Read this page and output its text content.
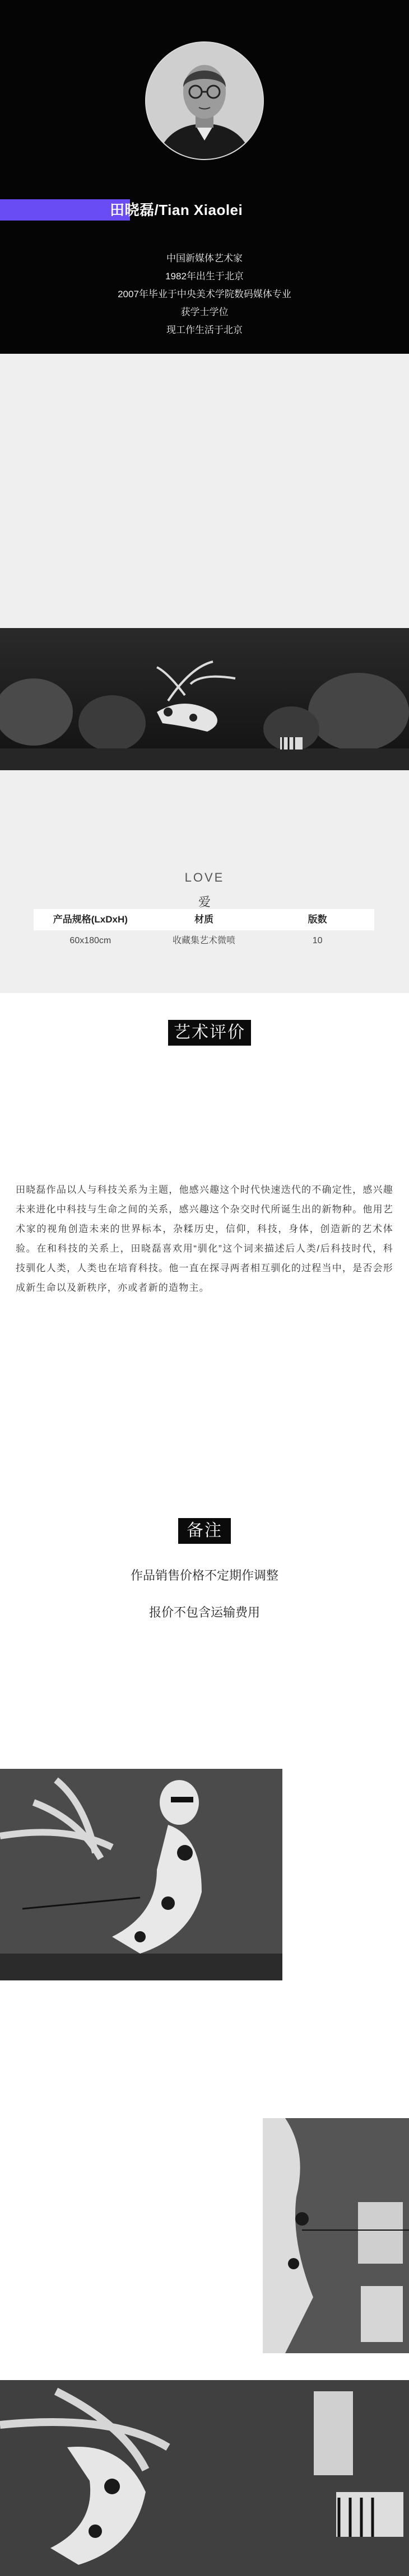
田晓磊/Tian Xiaolei
中国新媒体艺术家
1982年出生于北京
2007年毕业于中央美术学院数码媒体专业
获学士学位
现工作生活于北京
爱
LOVE
产品规格(LxDxH)	材质	版数
60x180cm	收藏集艺术微喷	10
艺术评价
田晓磊作品以人与科技关系为主题，他感兴趣这个时代快速迭代的不确定性，感兴趣未来进化中科技与生命之间的关系，感兴趣这个杂交时代所诞生出的新物种。他用艺术家的视角创造未来的世界标本，杂糅历史，信仰，科技，身体，创造新的艺术体验。在和科技的关系上，田晓磊喜欢用“驯化”这个词来描述后人类/后科技时代，科技驯化人类，人类也在培育科技。他一直在探寻两者相互驯化的过程当中，是否会形成新生命以及新秩序，亦或者新的造物主。
备注
作品销售价格不定期作调整
报价不包含运输费用
